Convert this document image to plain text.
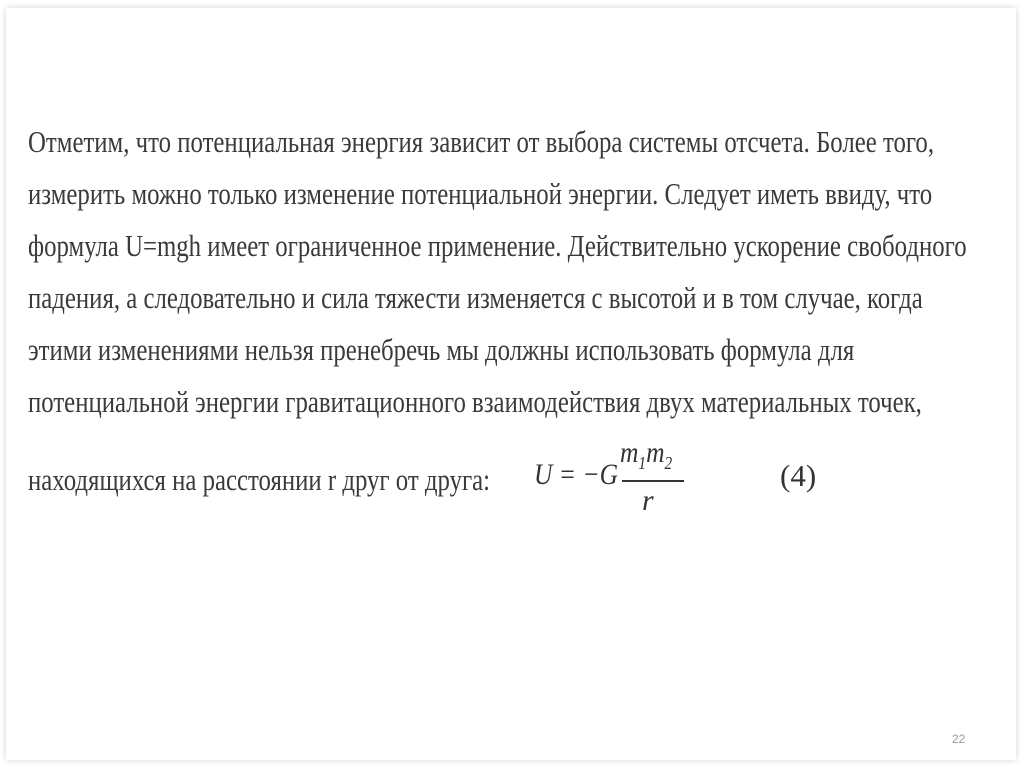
Отметим, что потенциальная энергия зависит от выбора системы отсчета. Более того,
измерить можно только изменение потенциальной энергии. Следует иметь ввиду, что
формула U=mgh имеет ограниченное применение. Действительно ускорение свободного
падения, а следовательно и сила тяжести изменяется с высотой и в том случае, когда
этими изменениями нельзя пренебречь мы должны использовать формула для
потенциальной энергии гравитационного взаимодействия двух материальных точек,
находящихся на расстоянии r друг от друга:	U = −G
$m_1m_2$
r
(4)
22
